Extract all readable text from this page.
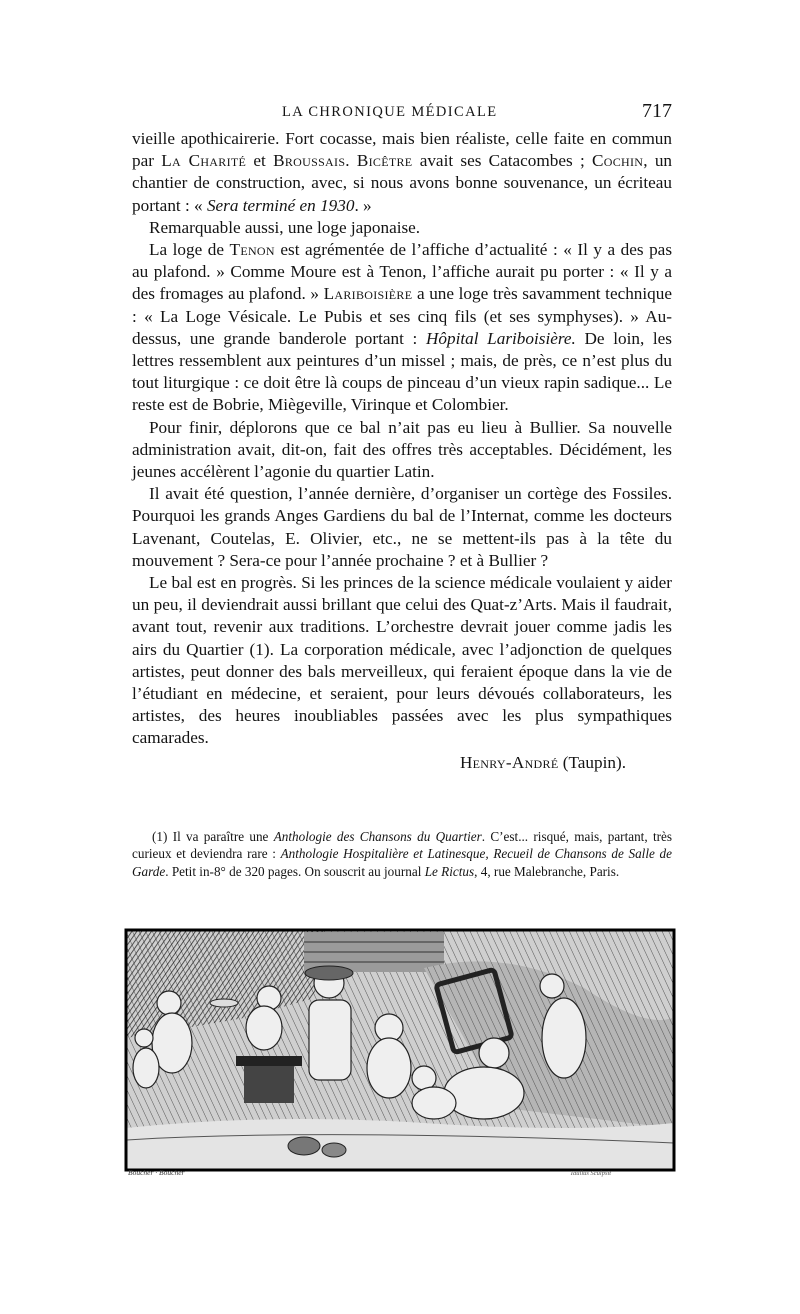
LA CHRONIQUE MÉDICALE	717

vieille apothicairerie. Fort cocasse, mais bien réaliste, celle faite en commun par La Charité et Broussais. Bicêtre avait ses Catacombes ; Cochin, un chantier de construction, avec, si nous avons bonne souvenance, un écriteau portant : « Sera terminé en 1930. »

Remarquable aussi, une loge japonaise.

La loge de Tenon est agrémentée de l’affiche d’actualité : « Il y a des pas au plafond. » Comme Moure est à Tenon, l’affiche aurait pu porter : « Il y a des fromages au plafond. » Lariboisière a une loge très savamment technique : « La Loge Vésicale. Le Pubis et ses cinq fils (et ses symphyses). » Au-dessus, une grande banderole portant : Hôpital Lariboisière. De loin, les lettres ressemblent aux peintures d’un missel ; mais, de près, ce n’est plus du tout liturgique : ce doit être là coups de pinceau d’un vieux rapin sadique... Le reste est de Bobrie, Miègeville, Virinque et Colombier.

Pour finir, déplorons que ce bal n’ait pas eu lieu à Bullier. Sa nouvelle administration avait, dit-on, fait des offres très acceptables. Décidément, les jeunes accélèrent l’agonie du quartier Latin.

Il avait été question, l’année dernière, d’organiser un cortège des Fossiles. Pourquoi les grands Anges Gardiens du bal de l’Internat, comme les docteurs Lavenant, Coutelas, E. Olivier, etc., ne se mettent-ils pas à la tête du mouvement ? Sera-ce pour l’année prochaine ? et à Bullier ?

Le bal est en progrès. Si les princes de la science médicale voulaient y aider un peu, il deviendrait aussi brillant que celui des Quat-z’Arts. Mais il faudrait, avant tout, revenir aux traditions. L’orchestre devrait jouer comme jadis les airs du Quartier (1). La corporation médicale, avec l’adjonction de quelques artistes, peut donner des bals merveilleux, qui feraient époque dans la vie de l’étudiant en médecine, et seraient, pour leurs dévoués collaborateurs, les artistes, des heures inoubliables passées avec les plus sympathiques camarades.

Henry-André (Taupin).

(1) Il va paraître une Anthologie des Chansons du Quartier. C’est... risqué, mais, partant, très curieux et deviendra rare : Anthologie Hospitalière et Latinesque, Recueil de Chansons de Salle de Garde. Petit in-8° de 320 pages. On souscrit au journal Le Rictus, 4, rue Malebranche, Paris.

Boucher · Boucher	Taullus Sculpsit
